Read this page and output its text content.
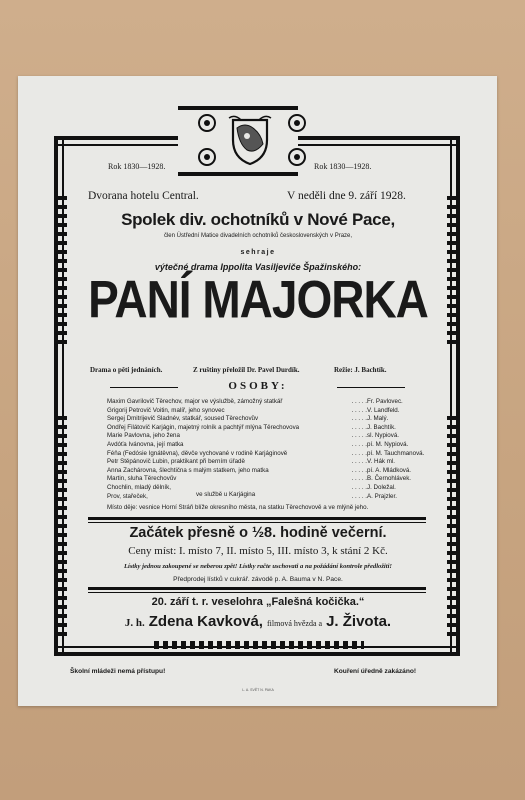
Rok 1830—1928.	Rok 1830—1928.
Dvorana hotelu Central.	V neděli dne 9. září 1928.
Spolek div. ochotníků v Nové Pace,
člen Ústřední Matice divadelních ochotníků československých v Praze,
sehraje
výtečné drama Ippolita Vasiljeviče Špažinského:
PANÍ MAJORKA
Drama o pěti jednáních.	Z ruštiny přeložil Dr. Pavel Durdík.	Režie: J. Bachtík.
OSOBY:
Maxim Gavrilovič Těrechov, major ve výslužbě, zámožný statkář	. . . . . Fr. Pavlovec.
Grigorij Petrovič Voitin, malíř, jeho synovec	. . . . . V. Landfeld.
Sergej Dmitrijevič Sladnév, statkář, soused Těrechovův	. . . . . J. Malý.
Ondřej Filátovič Karjágin, majetný rolník a pachtýř mlýna Těrechovova	. . . . . J. Bachtík.
Marie Pavlovna, jeho žena	. . . . . sl. Nypiová.
Avdóťa Ivánovna, její matka	. . . . . pí. M. Nypiová.
Féňa (Fedósie Ignátěvna), děvče vychované v rodině Karjáginově	. . . . . pí. M. Tauchmanová.
Petr Štěpánovič Lubin, praktikant při berním úřadě	. . . . . V. Hák ml.
Anna Zachárovna, šlechtična s malým statkem, jeho matka	. . . . . pí. A. Mládková.
Martin, sluha Těrechovův	. . . . . B. Černohlávek.
Chochlin, mladý dělník,	. . . . . J. Doležal.
Prov, stařeček,	. . . . . A. Prajzler.
ve službě u Karjágina
Místo děje: vesnice Horní Stráň blíže okresního města, na statku Těrechovově a ve mlýně jeho.
Začátek přesně o ½8. hodině večerní.
Ceny míst: I. místo 7, II. místo 5, III. místo 3, k stání 2 Kč.
Lístky jednou zakoupené se neberou zpět! Lístky račte uschovati a na požádání kontrole předložiti!
Předprodej lístků v cukrář. závodě p. A. Bauma v N. Pace.
20. září t. r. veselohra „Falešná kočička.“
J. h. Zdena Kavková, filmová hvězda a J. Života.
Školní mládeži nemá přístupu!	Kouření úředně zakázáno!
L. A. SVĚT N. PAKA
